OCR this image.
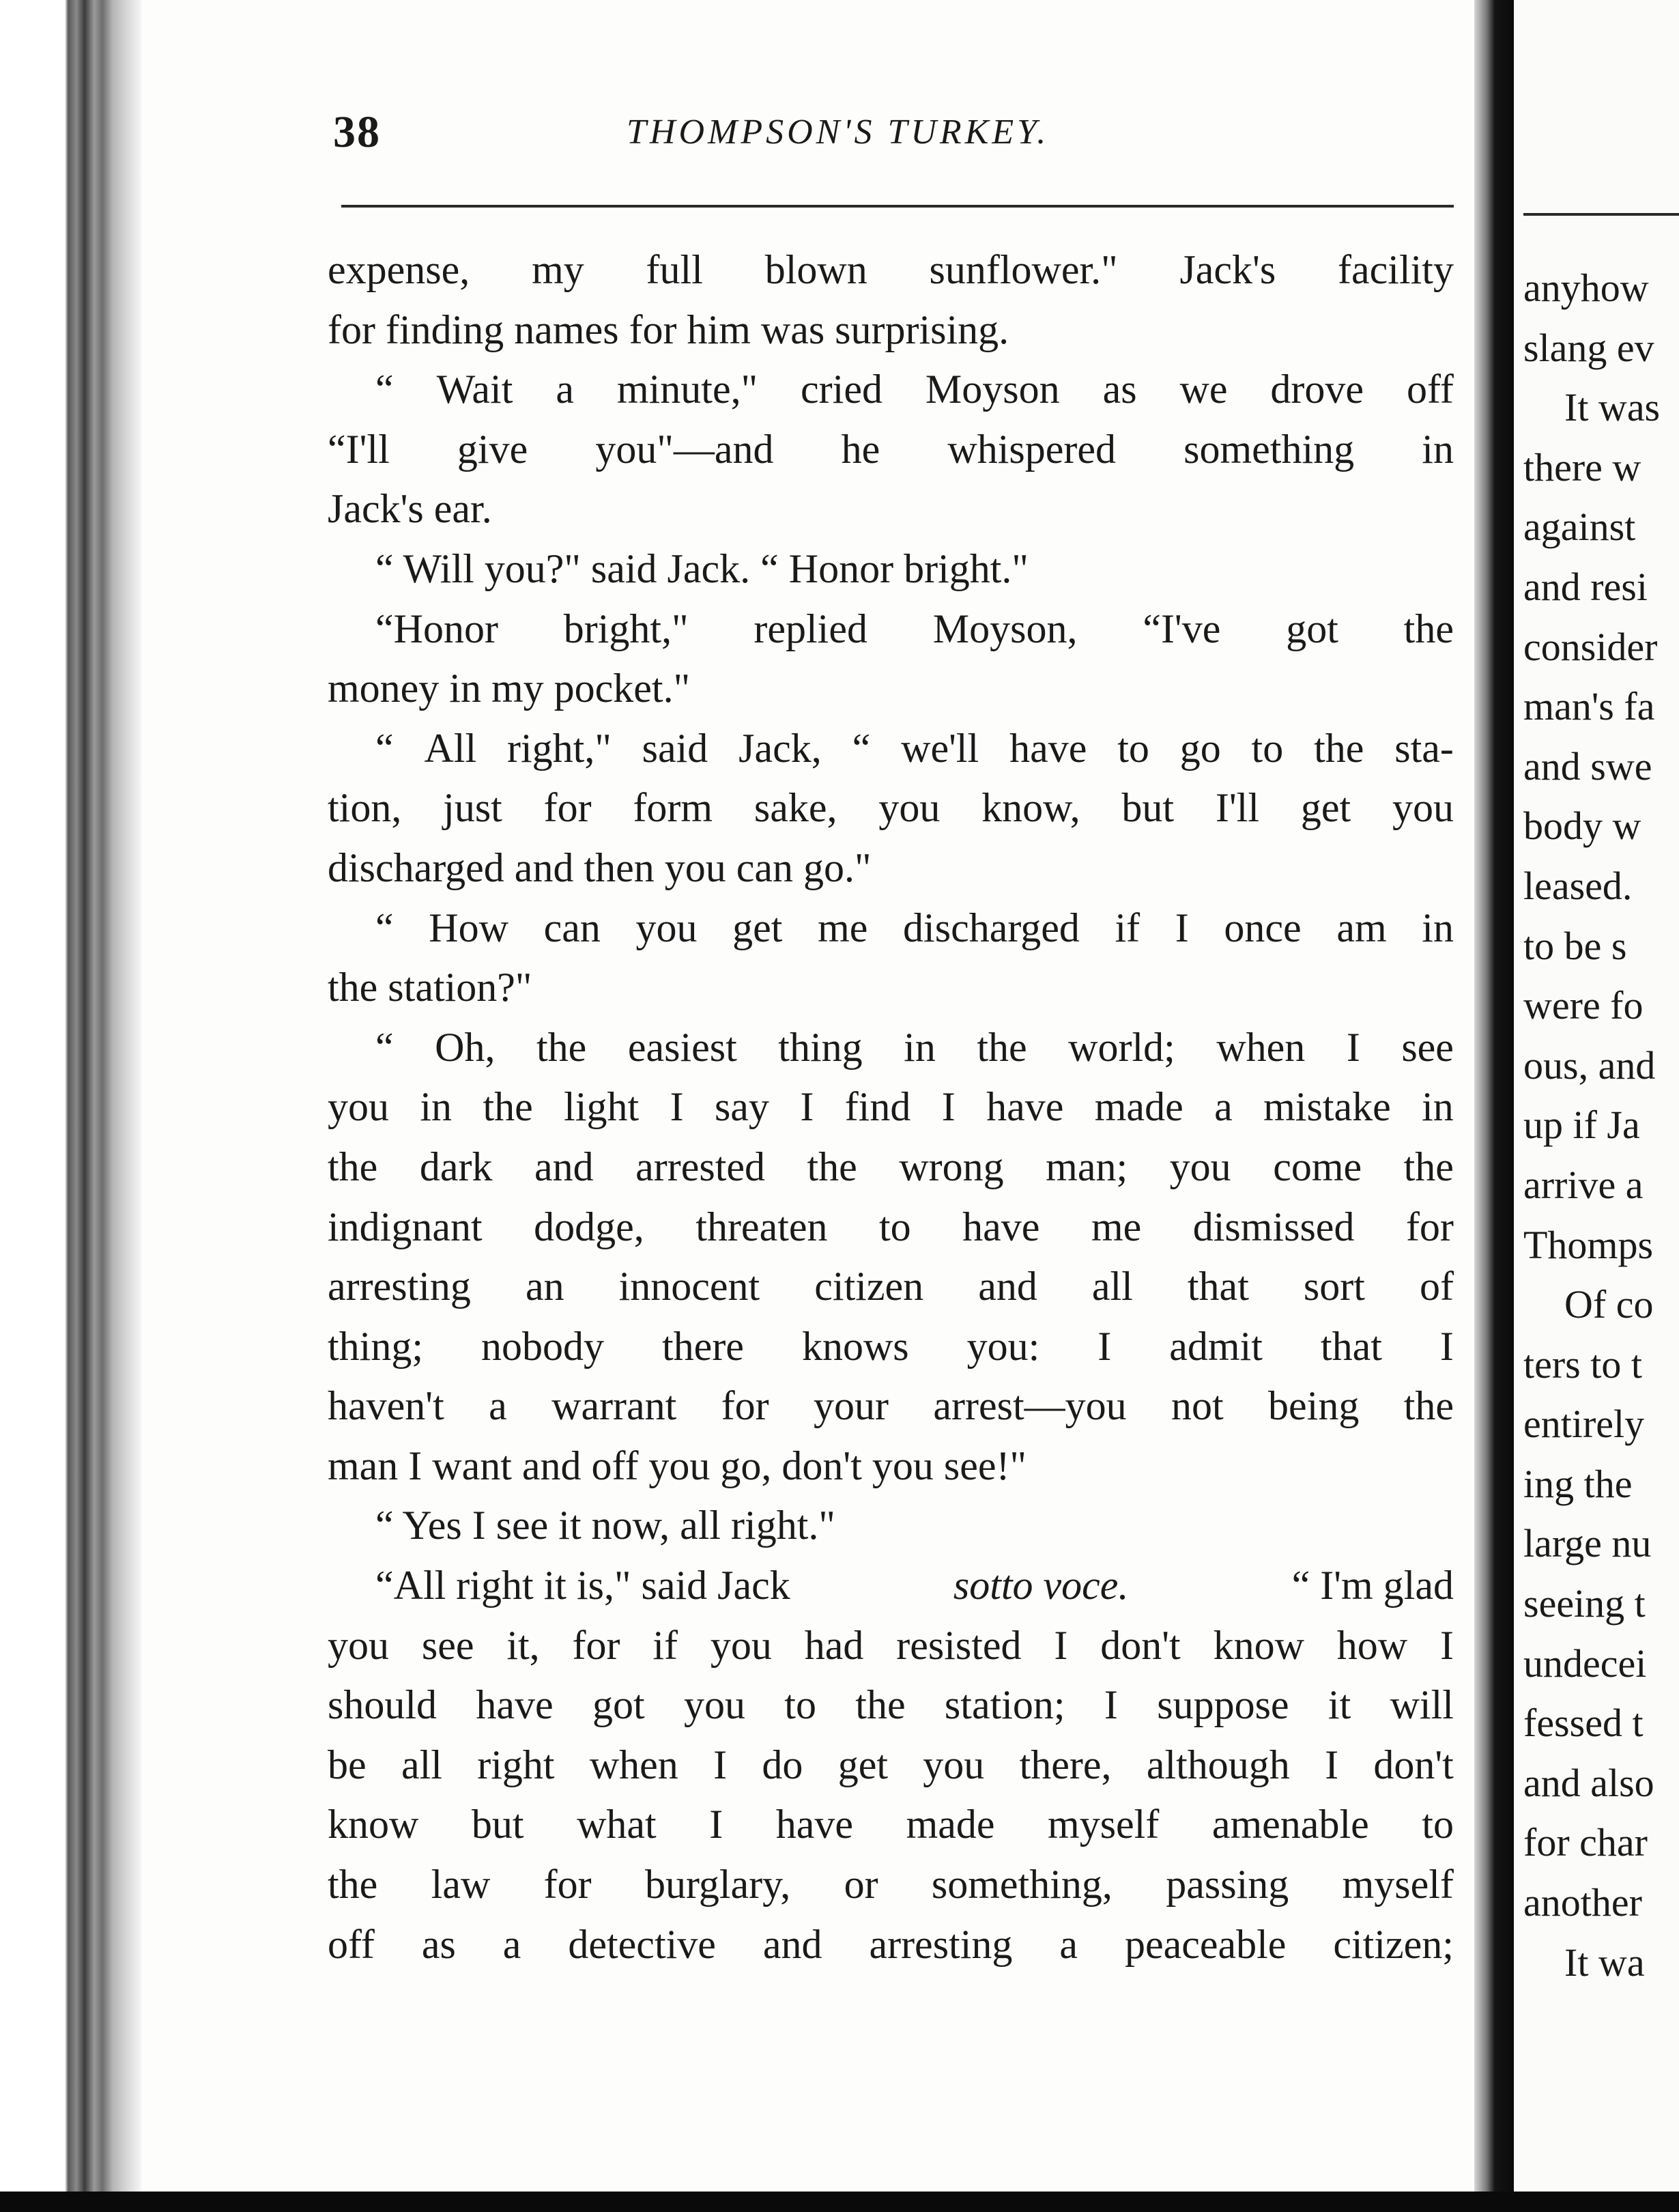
38	THOMPSON'S TURKEY.
expense, my full blown sunflower." Jack's facility
for finding names for him was surprising.
“ Wait a minute," cried Moyson as we drove off
“I'll give you"—and he whispered something in
Jack's ear.
“ Will you?" said Jack. “ Honor bright."
“Honor bright," replied Moyson, “I've got the
money in my pocket."
“ All right," said Jack, “ we'll have to go to the sta-
tion, just for form sake, you know, but I'll get you
discharged and then you can go."
“ How can you get me discharged if I once am in
the station?"
“ Oh, the easiest thing in the world; when I see
you in the light I say I find I have made a mistake in
the dark and arrested the wrong man; you come the
indignant dodge, threaten to have me dismissed for
arresting an innocent citizen and all that sort of
thing; nobody there knows you: I admit that I
haven't a warrant for your arrest—you not being the
man I want and off you go, don't you see!"
“ Yes I see it now, all right."
“All right it is," said Jack	sotto voce.	“ I'm glad
you see it, for if you had resisted I don't know how I
should have got you to the station; I suppose it will
be all right when I do get you there, although I don't
know but what I have made myself amenable to
the law for burglary, or something, passing myself
off as a detective and arresting a peaceable citizen;
anyhow
slang ev
It was
there w
against
and resi
consider
man's fa
and swe
body w
leased.
to be s
were fo
ous, and
up if Ja
arrive a
Thomps
Of co
ters to t
entirely
ing the
large nu
seeing t
undecei
fessed t
and also
for char
another
It wa
